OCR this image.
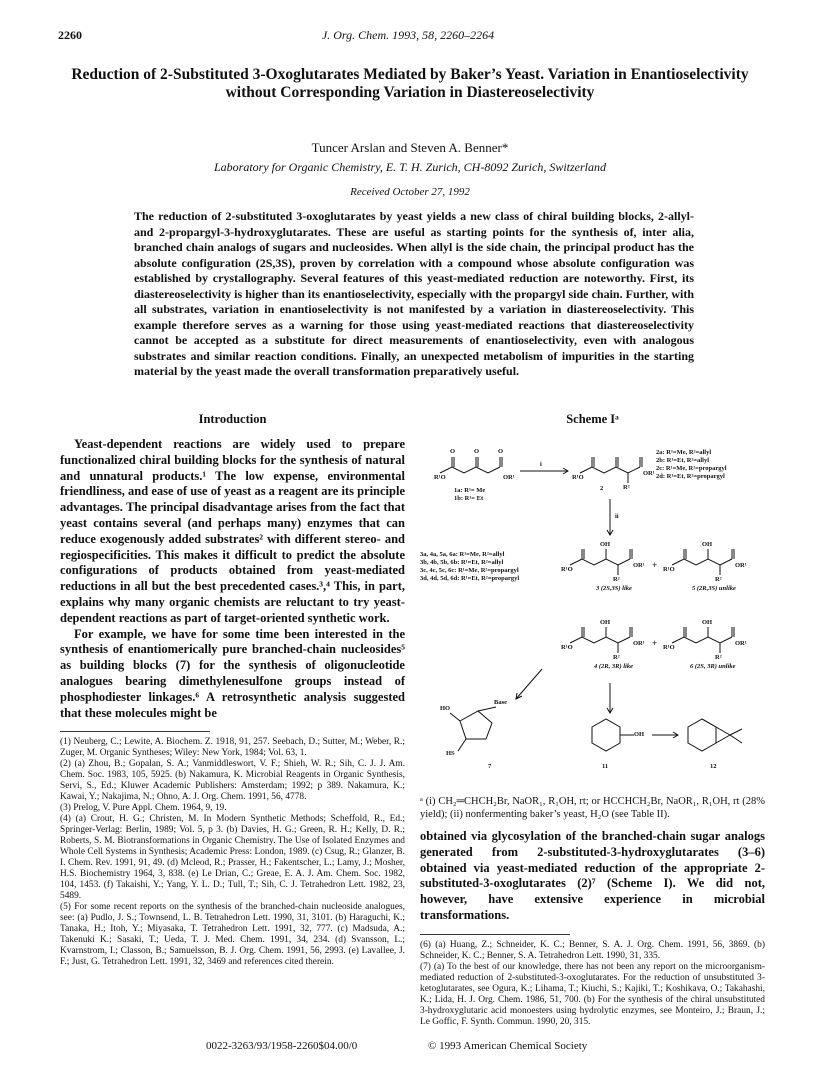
2260	J. Org. Chem. 1993, 58, 2260–2264
Reduction of 2-Substituted 3-Oxoglutarates Mediated by Baker’s Yeast. Variation in Enantioselectivity without Corresponding Variation in Diastereoselectivity
Tuncer Arslan and Steven A. Benner*
Laboratory for Organic Chemistry, E. T. H. Zurich, CH-8092 Zurich, Switzerland
Received October 27, 1992

The reduction of 2-substituted 3-oxoglutarates by yeast yields a new class of chiral building blocks, 2-allyl- and 2-propargyl-3-hydroxyglutarates. These are useful as starting points for the synthesis of, inter alia, branched chain analogs of sugars and nucleosides. When allyl is the side chain, the principal product has the absolute configuration (2S,3S), proven by correlation with a compound whose absolute configuration was established by crystallography. Several features of this yeast-mediated reduction are noteworthy. First, its diastereoselectivity is higher than its enantioselectivity, especially with the propargyl side chain. Further, with all substrates, variation in enantioselectivity is not manifested by a variation in diastereoselectivity. This example therefore serves as a warning for those using yeast-mediated reactions that diastereoselectivity cannot be accepted as a substitute for direct measurements of enantioselectivity, even with analogous substrates and similar reaction conditions. Finally, an unexpected metabolism of impurities in the starting material by the yeast made the overall transformation preparatively useful.

Introduction

Yeast-dependent reactions are widely used to prepare functionalized chiral building blocks for the synthesis of natural and unnatural products.¹ The low expense, environmental friendliness, and ease of use of yeast as a reagent are its principle advantages. The principal disadvantage arises from the fact that yeast contains several (and perhaps many) enzymes that can reduce exogenously added substrates² with different stereo- and regiospecificities. This makes it difficult to predict the absolute configurations of products obtained from yeast-mediated reductions in all but the best precedented cases.³,⁴ This, in part, explains why many organic chemists are reluctant to try yeast-dependent reactions as part of target-oriented synthetic work.

For example, we have for some time been interested in the synthesis of enantiomerically pure branched-chain nucleosides⁵ as building blocks (7) for the synthesis of oligonucleotide analogues bearing dimethylenesulfone groups instead of phosphodiester linkages.⁶ A retrosynthetic analysis suggested that these molecules might be

(1) Neuberg, C.; Lewite, A. Biochem. Z. 1918, 91, 257. Seebach, D.; Sutter, M.; Weber, R.; Zuger, M. Organic Syntheses; Wiley: New York, 1984; Vol. 63, 1.

(2) (a) Zhou, B.; Gopalan, S. A.; Vanmiddleswort, V. F.; Shieh, W. R.; Sih, C. J. J. Am. Chem. Soc. 1983, 105, 5925. (b) Nakamura, K. Microbial Reagents in Organic Synthesis, Servi, S., Ed.; Kluwer Academic Publishers: Amsterdam; 1992; p 389. Nakamura, K.; Kawai, Y.; Nakajima, N.; Ohno, A. J. Org. Chem. 1991, 56, 4778.

(3) Prelog, V. Pure Appl. Chem. 1964, 9, 19.

(4) (a) Crout, H. G.; Christen, M. In Modern Synthetic Methods; Scheffold, R., Ed.; Springer-Verlag: Berlin, 1989; Vol. 5, p 3. (b) Davies, H. G.; Green, R. H.; Kelly, D. R.; Roberts, S. M. Biotransformations in Organic Chemistry. The Use of Isolated Enzymes and Whole Cell Systems in Synthesis; Academic Press: London, 1989. (c) Csug, R.; Glanzer, B. I. Chem. Rev. 1991, 91, 49. (d) Mcleod, R.; Prasser, H.; Fakentscher, L.; Lamy, J.; Mosher, H.S. Biochemistry 1964, 3, 838. (e) Le Drian, C.; Greae, E. A. J. Am. Chem. Soc. 1982, 104, 1453. (f) Takaishi, Y.; Yang, Y. L. D.; Tull, T.; Sih, C. J. Tetrahedron Lett. 1982, 23, 5489.

(5) For some recent reports on the synthesis of the branched-chain nucleoside analogues, see: (a) Pudlo, J. S.; Townsend, L. B. Tetrahedron Lett. 1990, 31, 3101. (b) Haraguchi, K.; Tanaka, H.; Itoh, Y.; Miyasaka, T. Tetrahedron Lett. 1991, 32, 777. (c) Madsuda, A.; Takenuki K.; Sasaki, T.; Ueda, T. J. Med. Chem. 1991, 34, 234. (d) Svansson, L.; Kvarnstrom, I.; Classon, B.; Samuelsson, B. J. Org. Chem. 1991, 56, 2993. (e) Lavallee, J. F.; Just, G. Tetrahedron Lett. 1991, 32, 3469 and references cited therein.

Scheme Iᵃ
R¹O	OR¹
O	O	O
1a: R¹= Me
1b: R¹= Et
i
R¹O
OR¹
R²
2
2a: R¹=Me, R²=allyl
2b: R¹=Et, R²=allyl
2c: R¹=Me, R²=propargyl
2d: R¹=Et, R²=propargyl
ii
OH
R¹O
OR¹
R²
+ R¹O
OH
OR¹
R²
3 (2S,3S) like	5 (2R,3S) unlike
3a, 4a, 5a, 6a: R¹=Me, R²=allyl
3b, 4b, 5b, 6b: R¹=Et, R²=allyl
3c, 4c, 5c, 6c: R¹=Me, R²=propargyl
3d, 4d, 5d, 6d: R¹=Et, R²=propargyl
OH
R¹O
OR¹
R²
+ R¹O
OH
OR¹
R²
4 (2R, 3R) like	6 (2S, 3R) unlike
HO
Base
HS
7
OH
11	12

ᵃ (i) CH₂═CHCH₂Br, NaOR₁, R₁OH, rt; or HCCHCH₂Br, NaOR₁, R₁OH, rt (28% yield); (ii) nonfermenting baker’s yeast, H₂O (see Table II).

obtained via glycosylation of the branched-chain sugar analogs generated from 2-substituted-3-hydroxyglutarates (3–6) obtained via yeast-mediated reduction of the appropriate 2-substituted-3-oxoglutarates (2)⁷ (Scheme I). We did not, however, have extensive experience in microbial transformations.

(6) (a) Huang, Z.; Schneider, K. C.; Benner, S. A. J. Org. Chem. 1991, 56, 3869. (b) Schneider, K. C.; Benner, S. A. Tetrahedron Lett. 1990, 31, 335.

(7) (a) To the best of our knowledge, there has not been any report on the microorganism-mediated reduction of 2-substituted-3-oxoglutarates. For the reduction of unsubstituted 3-ketoglutarates, see Ogura, K.; Lihama, T.; Kiuchi, S.; Kajiki, T.; Koshikava, O.; Takahashi, K.; Lida, H. J. Org. Chem. 1986, 51, 700. (b) For the synthesis of the chiral unsubstituted 3-hydroxyglutaric acid monoesters using hydrolytic enzymes, see Monteiro, J.; Braun, J.; Le Goffic, F. Synth. Commun. 1990, 20, 315.

0022-3263/93/1958-2260$04.00/0	© 1993 American Chemical Society
